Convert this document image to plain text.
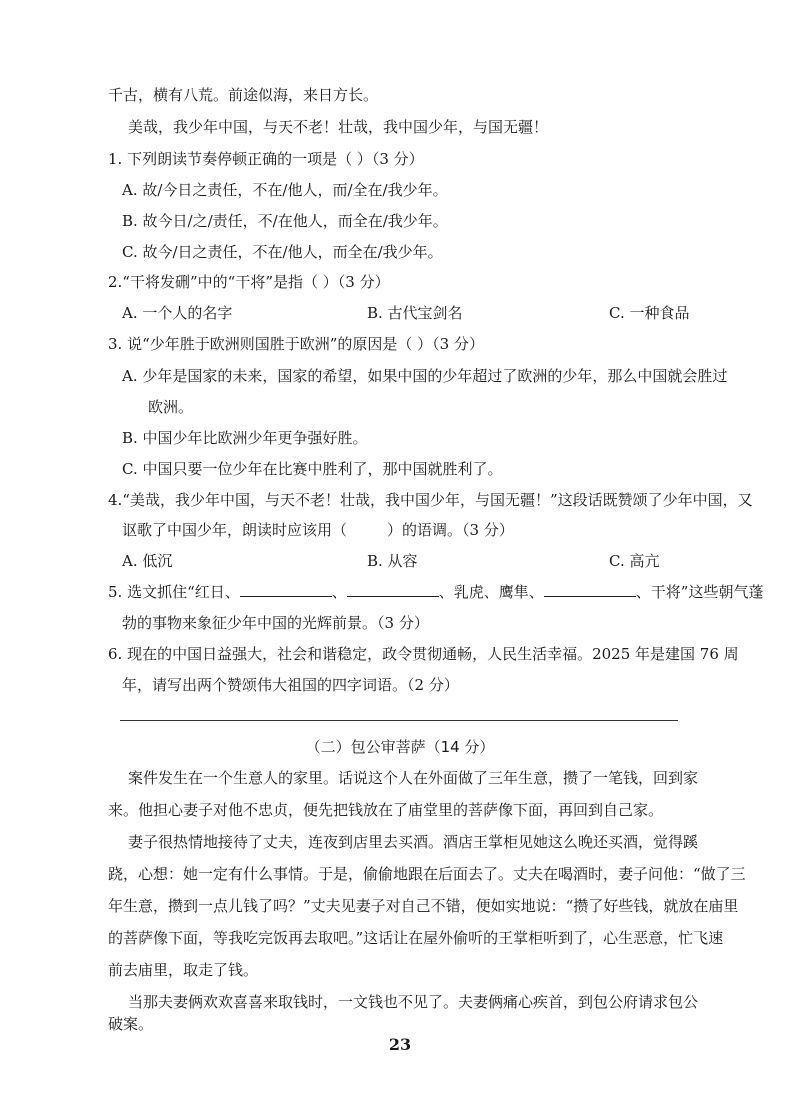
千古，横有八荒。前途似海，来日方长。
美哉，我少年中国，与天不老！壮哉，我中国少年，与国无疆！
1. 下列朗读节奏停顿正确的一项是（ ）（3 分）
A. 故/今日之责任，不在/他人，而/全在/我少年。
B. 故今日/之/责任，不/在他人，而全在/我少年。
C. 故今/日之责任，不在/他人，而全在/我少年。
2.“干将发硎”中的“干将”是指（ ）（3 分）
A. 一个人的名字	B. 古代宝剑名	C. 一种食品
3. 说“少年胜于欧洲则国胜于欧洲”的原因是（ ）（3 分）
A. 少年是国家的未来，国家的希望，如果中国的少年超过了欧洲的少年，那么中国就会胜过
欧洲。
B. 中国少年比欧洲少年更争强好胜。
C. 中国只要一位少年在比赛中胜利了，那中国就胜利了。
4.“美哉，我少年中国，与天不老！壮哉，我中国少年，与国无疆！”这段话既赞颂了少年中国，又
讴歌了中国少年，朗读时应该用（	）的语调。（3 分）
A. 低沉	B. 从容	C. 高亢
5. 选文抓住“红日、	、	、乳虎、鹰隼、	、干将”这些朝气蓬
勃的事物来象征少年中国的光辉前景。（3 分）
6. 现在的中国日益强大，社会和谐稳定，政令贯彻通畅，人民生活幸福。2025 年是建国 76 周
年，请写出两个赞颂伟大祖国的四字词语。（2 分）
（二）包公审菩萨（14 分）
案件发生在一个生意人的家里。话说这个人在外面做了三年生意，攒了一笔钱，回到家
来。他担心妻子对他不忠贞，便先把钱放在了庙堂里的菩萨像下面，再回到自己家。
妻子很热情地接待了丈夫，连夜到店里去买酒。酒店王掌柜见她这么晚还买酒，觉得蹊
跷，心想：她一定有什么事情。于是，偷偷地跟在后面去了。丈夫在喝酒时，妻子问他：“做了三
年生意，攒到一点儿钱了吗？”丈夫见妻子对自己不错，便如实地说：“攒了好些钱，就放在庙里
的菩萨像下面，等我吃完饭再去取吧。”这话让在屋外偷听的王掌柜听到了，心生恶意，忙飞速
前去庙里，取走了钱。
当那夫妻俩欢欢喜喜来取钱时，一文钱也不见了。夫妻俩痛心疾首，到包公府请求包公
破案。
23
